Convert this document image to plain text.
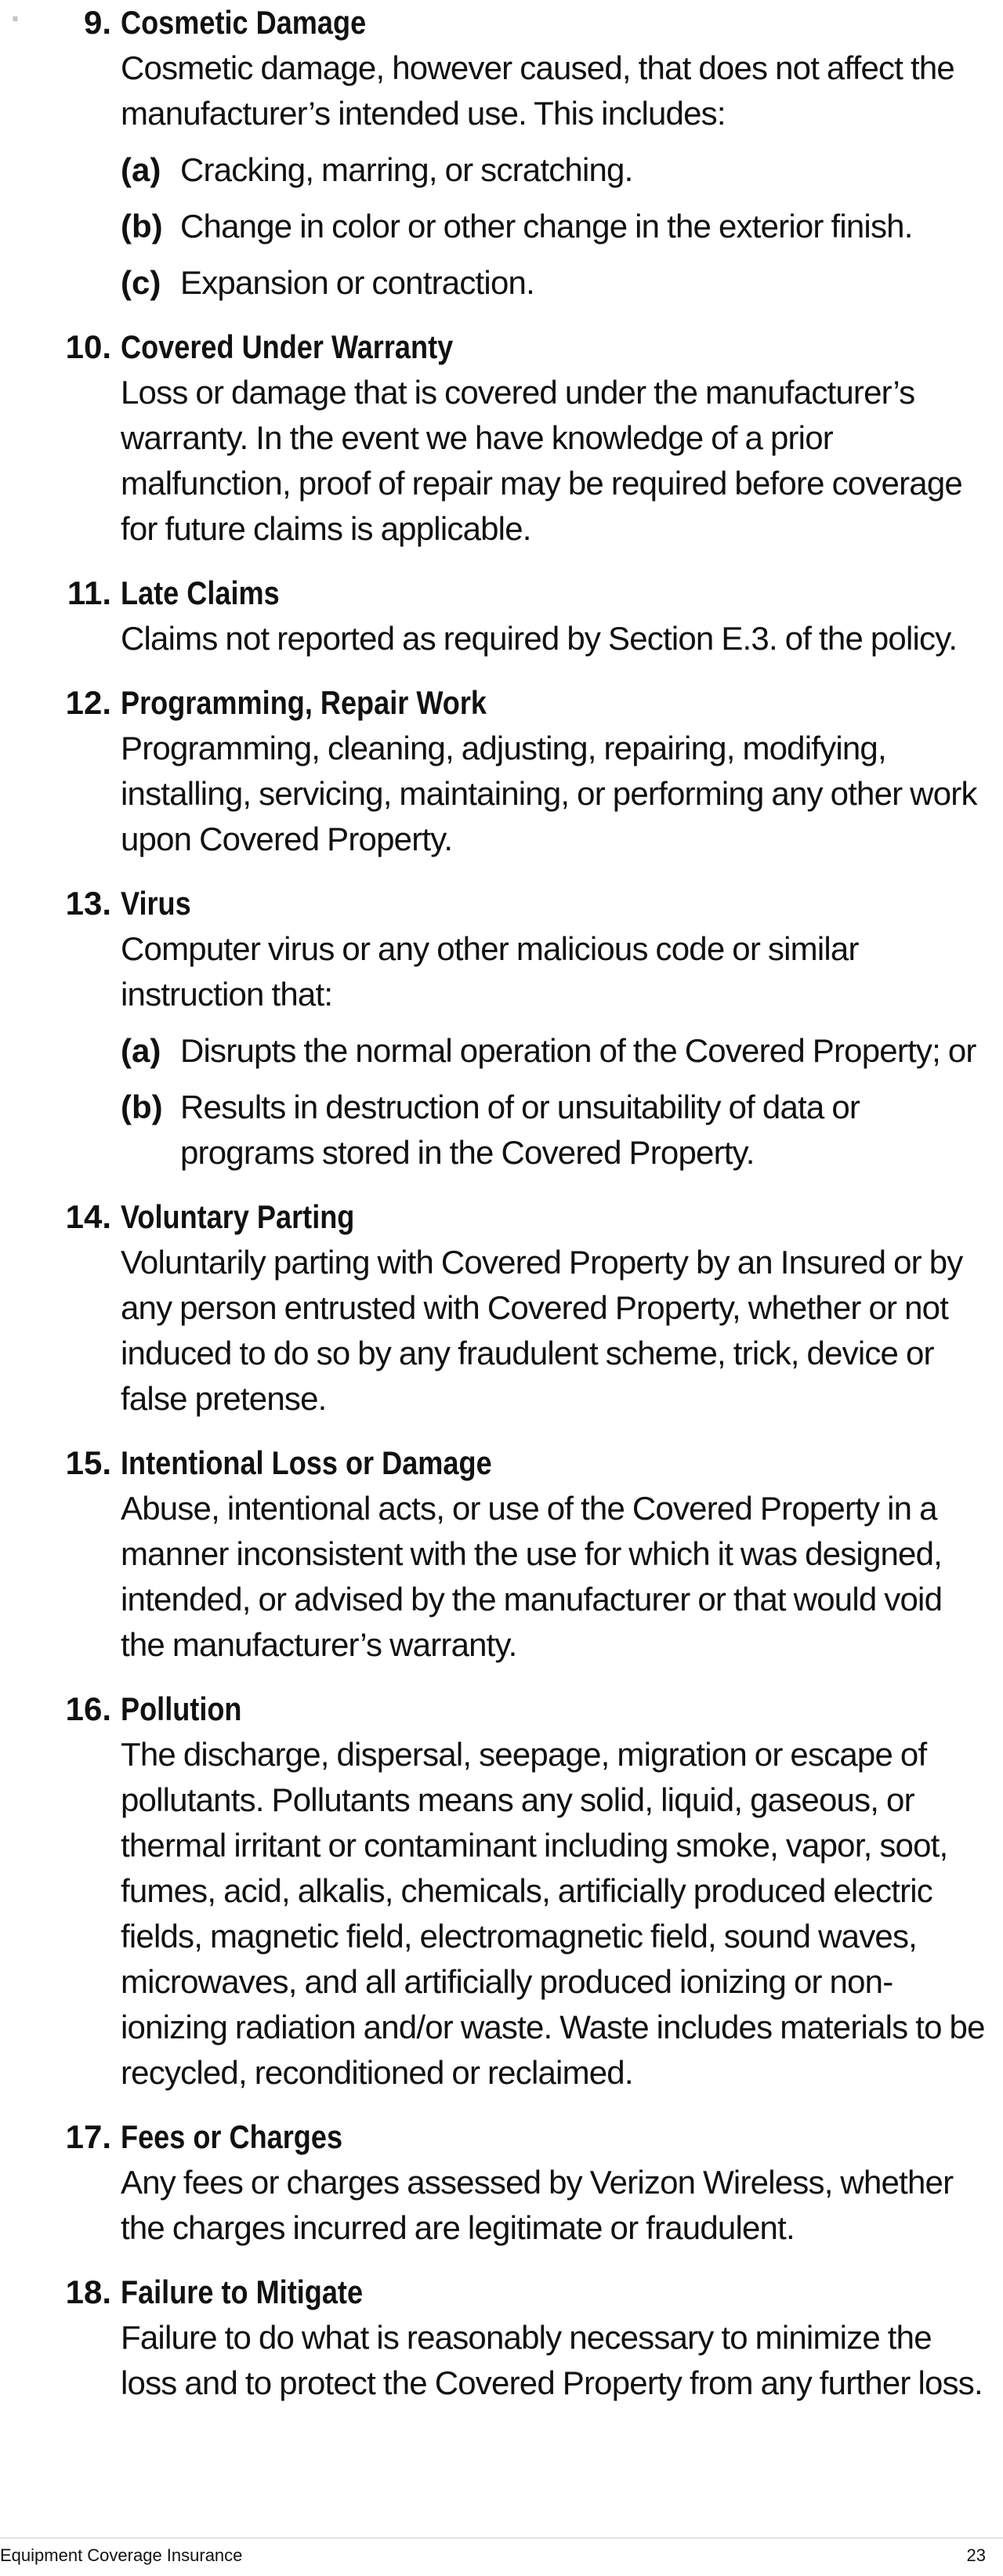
≡	9. Cosmetic Damage
Cosmetic damage, however caused, that does not affect the manufacturer’s intended use. This includes:
(a) Cracking, marring, or scratching.
(b) Change in color or other change in the exterior finish.
(c) Expansion or contraction.
10. Covered Under Warranty
Loss or damage that is covered under the manufacturer’s warranty. In the event we have knowledge of a prior malfunction, proof of repair may be required before coverage for future claims is applicable.
11. Late Claims
Claims not reported as required by Section E.3. of the policy.
12. Programming, Repair Work
Programming, cleaning, adjusting, repairing, modifying, installing, servicing, maintaining, or performing any other work upon Covered Property.
13. Virus
Computer virus or any other malicious code or similar instruction that:
(a) Disrupts the normal operation of the Covered Property; or
(b) Results in destruction of or unsuitability of data or programs stored in the Covered Property.
14. Voluntary Parting
Voluntarily parting with Covered Property by an Insured or by any person entrusted with Covered Property, whether or not induced to do so by any fraudulent scheme, trick, device or false pretense.
15. Intentional Loss or Damage
Abuse, intentional acts, or use of the Covered Property in a manner inconsistent with the use for which it was designed, intended, or advised by the manufacturer or that would void the manufacturer’s warranty.
16. Pollution
The discharge, dispersal, seepage, migration or escape of pollutants. Pollutants means any solid, liquid, gaseous, or thermal irritant or contaminant including smoke, vapor, soot, fumes, acid, alkalis, chemicals, artificially produced electric fields, magnetic field, electromagnetic field, sound waves, microwaves, and all artificially produced ionizing or non-ionizing radiation and/or waste. Waste includes materials to be recycled, reconditioned or reclaimed.
17. Fees or Charges
Any fees or charges assessed by Verizon Wireless, whether the charges incurred are legitimate or fraudulent.
18. Failure to Mitigate
Failure to do what is reasonably necessary to minimize the loss and to protect the Covered Property from any further loss.
Equipment Coverage Insurance	23
